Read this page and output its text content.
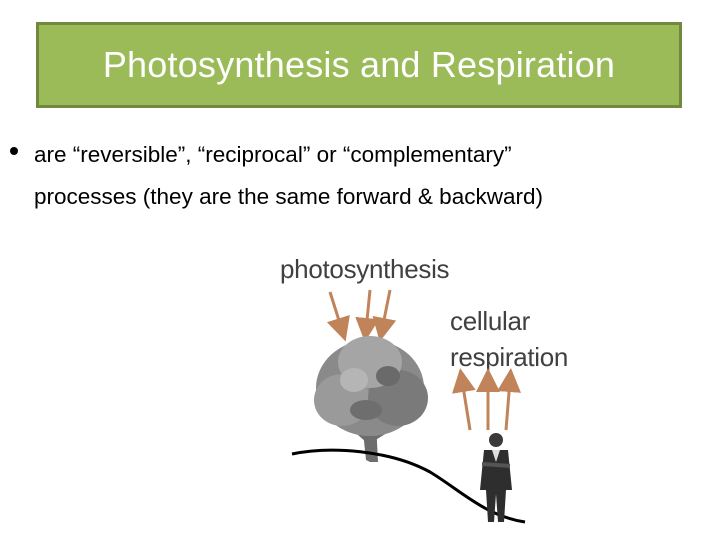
Photosynthesis and Respiration
are “reversible”, “reciprocal” or “complementary”
processes (they are the same forward & backward)
photosynthesis
cellular
respiration
